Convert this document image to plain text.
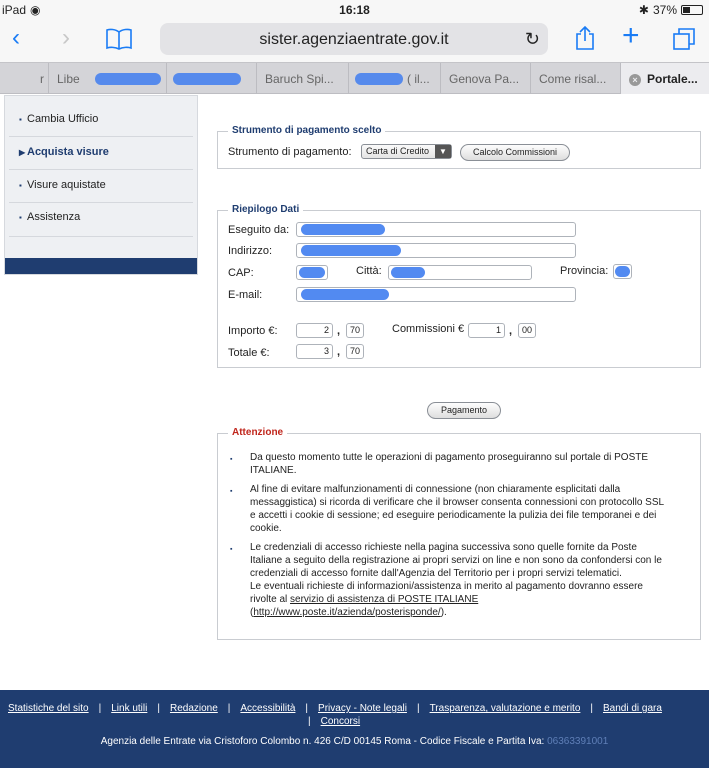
iPad ◉	16:18	✱ 37%
‹ ›	sister.agenziaentrate.gov.it	↻	+
r	Libe	Baruch Spi...	( il...	Genova Pa...	Come risal...	× Portale...
▪ Cambia Ufficio
▶ Acquista visure
▪ Visure aquistate
▪ Assistenza
Strumento di pagamento scelto
Strumento di pagamento:	Carta di Credito	▼	Calcolo Commissioni
Riepilogo Dati
Eseguito da:
Indirizzo:
CAP:	Città:	Provincia:
E-mail:
Importo €:	2 ,	70	Commissioni €	1 ,	00
Totale €:	3 ,	70
Pagamento
Attenzione
▪ Da questo momento tutte le operazioni di pagamento proseguiranno sul portale di POSTE ITALIANE.
▪ Al fine di evitare malfunzionamenti di connessione (non chiaramente esplicitati dalla messaggistica) si ricorda di verificare che il browser consenta connessioni con protocollo SSL e accetti i cookie di sessione; ed eseguire periodicamente la pulizia dei file temporanei e dei cookie.
▪ Le credenziali di accesso richieste nella pagina successiva sono quelle fornite da Poste Italiane a seguito della registrazione ai propri servizi on line e non sono da confondersi con le credenziali di accesso fornite dall'Agenzia del Territorio per i propri servizi telematici.
Le eventuali richieste di informazioni/assistenza in merito al pagamento dovranno essere rivolte al servizio di assistenza di POSTE ITALIANE
(http://www.poste.it/azienda/posterisponde/).
Statistiche del sito | Link utili | Redazione | Accessibilità | Privacy - Note legali | Trasparenza, valutazione e merito | Bandi di gara
| Concorsi
Agenzia delle Entrate via Cristoforo Colombo n. 426 C/D 00145 Roma - Codice Fiscale e Partita Iva: 06363391001
